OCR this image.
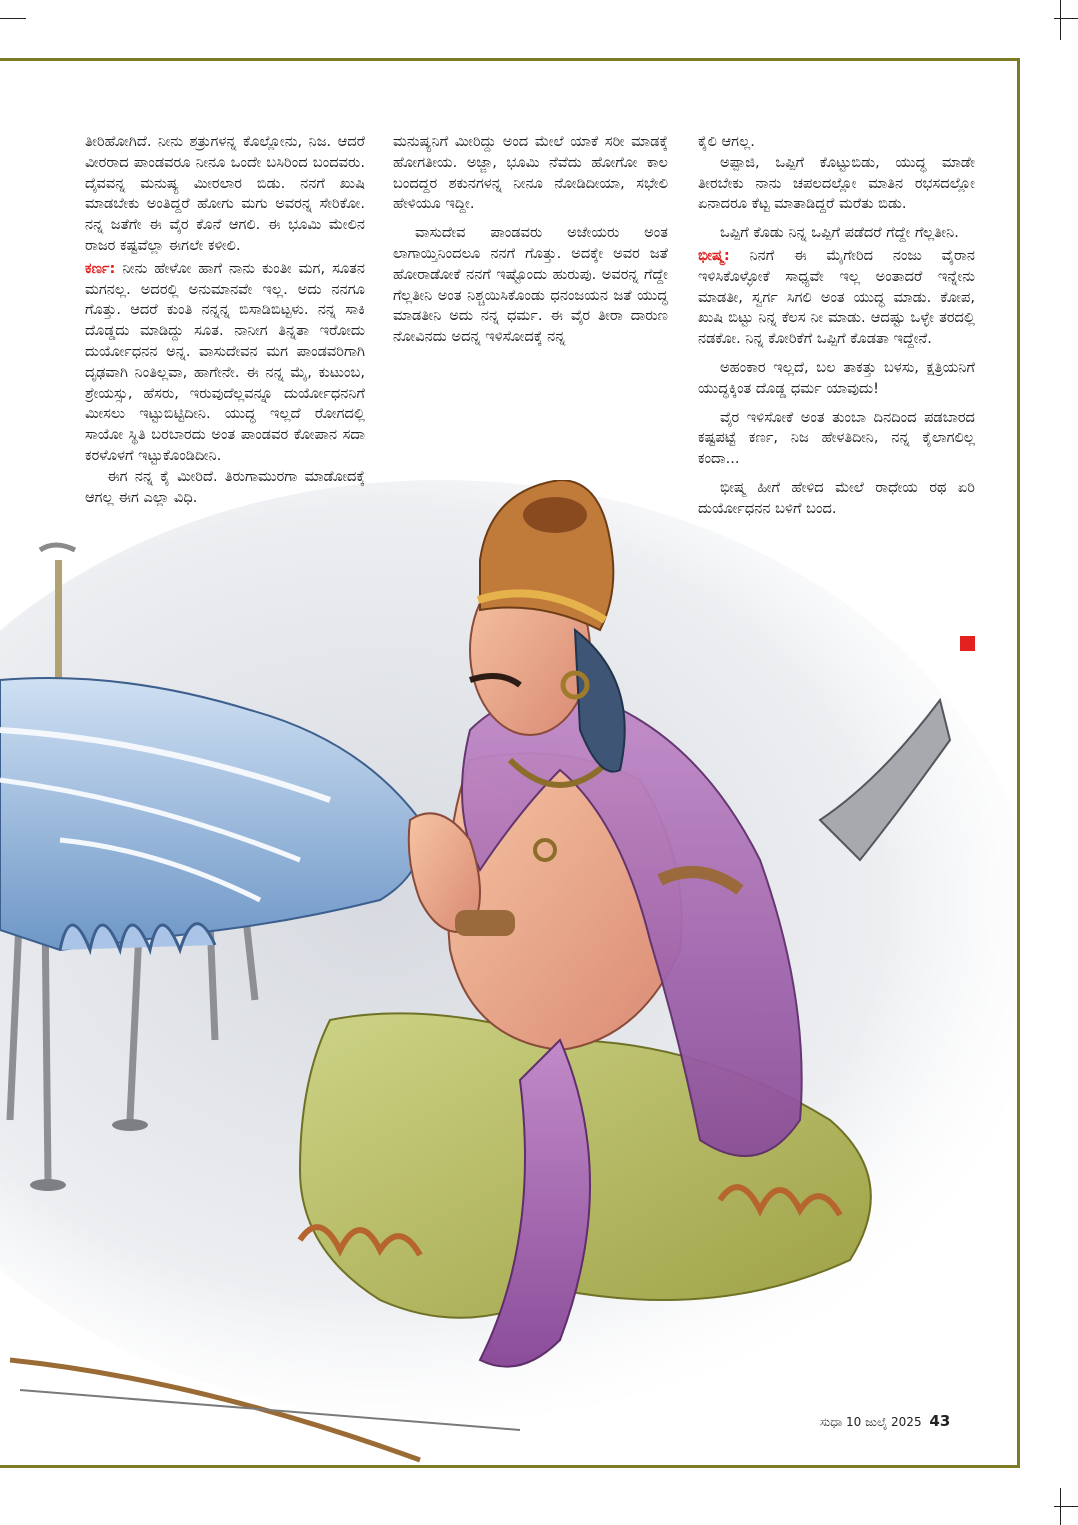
ತೀರಿಹೋಗಿದೆ. ನೀನು ಶತ್ರುಗಳನ್ನ ಕೊಲ್ಲೋನು, ನಿಜ. ಆದರೆ ವೀರರಾದ ಪಾಂಡವರೂ ನೀನೂ ಒಂದೇ ಬಸಿರಿಂದ ಬಂದವರು. ದೈವವನ್ನ ಮನುಷ್ಯ ಮೀರಲಾರ ಬಿಡು. ನನಗೆ ಖುಷಿ ಮಾಡಬೇಕು ಅಂತಿದ್ದರೆ ಹೋಗು ಮಗು ಅವರನ್ನ ಸೇರಿಕೋ. ನನ್ನ ಜತೆಗೇ ಈ ವೈರ ಕೊನೆ ಆಗಲಿ. ಈ ಭೂಮಿ ಮೇಲಿನ ರಾಜರ ಕಷ್ಟವೆಲ್ಲಾ ಈಗಲೇ ಕಳೀಲಿ.

ಕರ್ಣ: ನೀನು ಹೇಳೋ ಹಾಗೆ ನಾನು ಕುಂತೀ ಮಗ, ಸೂತನ ಮಗನಲ್ಲ. ಅದರಲ್ಲಿ ಅನುಮಾನವೇ ಇಲ್ಲ. ಅದು ನನಗೂ ಗೊತ್ತು. ಆದರೆ ಕುಂತಿ ನನ್ನನ್ನ ಬಿಸಾಡಿಬಿಟ್ಟಳು. ನನ್ನ ಸಾಕಿ ದೊಡ್ಡದು ಮಾಡಿದ್ದು ಸೂತ. ನಾನೀಗ ತಿನ್ನತಾ ಇರೋದು ದುರ್ಯೋಧನನ ಅನ್ನ. ವಾಸುದೇವನ ಮಗ ಪಾಂಡವರಿಗಾಗಿ ದೃಢವಾಗಿ ನಿಂತಿಲ್ಲವಾ, ಹಾಗೇನೇ. ಈ ನನ್ನ ಮೈ, ಕುಟುಂಬ, ಶ್ರೇಯಸ್ಸು, ಹೆಸರು, ಇರುವುದೆಲ್ಲವನ್ನೂ ದುರ್ಯೋಧನನಿಗೆ ಮೀಸಲು ಇಟ್ಟುಬಿಟ್ಟಿದೀನಿ. ಯುದ್ಧ ಇಲ್ಲದೆ ರೋಗದಲ್ಲಿ ಸಾಯೋ ಸ್ಥಿತಿ ಬರಬಾರದು ಅಂತ ಪಾಂಡವರ ಕೋಪಾನ ಸದಾ ಕರಳೊಳಗೆ ಇಟ್ಟುಕೊಂಡಿದೀನಿ.

ಈಗ ನನ್ನ ಕೈ ಮೀರಿದೆ. ತಿರುಗಾಮುರಗಾ ಮಾಡೋದಕ್ಕೆ ಆಗಲ್ಲ ಈಗ ಎಲ್ಲಾ ವಿಧಿ.

ಮನುಷ್ಯನಿಗೆ ಮೀರಿದ್ದು ಅಂದ ಮೇಲೆ ಯಾಕೆ ಸರೀ ಮಾಡಕ್ಕೆ ಹೋಗತೀಯ. ಅಜ್ಜಾ, ಭೂಮಿ ನೆವೆದು ಹೋಗೋ ಕಾಲ ಬಂದದ್ದರ ಶಕುನಗಳನ್ನ ನೀನೂ ನೋಡಿದೀಯಾ, ಸಭೇಲಿ ಹೇಳಿಯೂ ಇದ್ದೀ.

ವಾಸುದೇವ ಪಾಂಡವರು ಅಜೇಯರು ಅಂತ ಲಾಗಾಯ್ತಿನಿಂದಲೂ ನನಗೆ ಗೊತ್ತು. ಅದಕ್ಕೇ ಅವರ ಜತೆ ಹೋರಾಡೋಕೆ ನನಗೆ ಇಷ್ಟೊಂದು ಹುರುಪು. ಅವರನ್ನ ಗೆದ್ದೇ ಗೆಲ್ಲತೀನಿ ಅಂತ ನಿಶ್ಚಯಿಸಿಕೊಂಡು ಧನಂಜಯನ ಜತೆ ಯುದ್ಧ ಮಾಡತೀನಿ ಅದು ನನ್ನ ಧರ್ಮ. ಈ ವೈರ ತೀರಾ ದಾರುಣ ನೋವಿನದು ಅದನ್ನ ಇಳಿಸೋದಕ್ಕೆ ನನ್ನ

ಕೈಲಿ ಆಗಲ್ಲ.

ಅಪ್ಪಾಜಿ, ಒಪ್ಪಿಗೆ ಕೊಟ್ಟುಬಿಡು, ಯುದ್ಧ ಮಾಡೇ ತೀರಬೇಕು ನಾನು ಚಪಲದಲ್ಲೋ ಮಾತಿನ ರಭಸದಲ್ಲೋ ಏನಾದರೂ ಕೆಟ್ಟ ಮಾತಾಡಿದ್ದರೆ ಮರೆತು ಬಿಡು.

ಒಪ್ಪಿಗೆ ಕೊಡು ನಿನ್ನ ಒಪ್ಪಿಗೆ ಪಡೆದರೆ ಗೆದ್ದೇ ಗೆಲ್ಲತೀನಿ.

ಭೀಷ್ಮ: ನಿನಗೆ ಈ ಮೈಗೇರಿದ ನಂಜು ವೈರಾನ ಇಳಿಸಿಕೊಳ್ಳೋಕೆ ಸಾಧ್ಯವೇ ಇಲ್ಲ ಅಂತಾದರೆ ಇನ್ನೇನು ಮಾಡತೀ, ಸ್ವರ್ಗ ಸಿಗಲಿ ಅಂತ ಯುದ್ಧ ಮಾಡು. ಕೋಪ, ಖುಷಿ ಬಿಟ್ಟು ನಿನ್ನ ಕೆಲಸ ನೀ ಮಾಡು. ಆದಷ್ಟು ಒಳ್ಳೇ ತರದಲ್ಲಿ ನಡಕೋ. ನಿನ್ನ ಕೋರಿಕೆಗೆ ಒಪ್ಪಿಗೆ ಕೊಡತಾ ಇದ್ದೇನೆ.

ಅಹಂಕಾರ ಇಲ್ಲದೆ, ಬಲ ತಾಕತ್ತು ಬಳಸು, ಕ್ಷತ್ರಿಯನಿಗೆ ಯುದ್ಧಕ್ಕಿಂತ ದೊಡ್ಡ ಧರ್ಮ ಯಾವುದು!

ವೈರ ಇಳಿಸೋಕೆ ಅಂತ ತುಂಬಾ ದಿನದಿಂದ ಪಡಬಾರದ ಕಷ್ಟಪಟ್ಟೆ ಕರ್ಣ, ನಿಜ ಹೇಳತಿದೀನಿ, ನನ್ನ ಕೈಲಾಗಲಿಲ್ಲ ಕಂದಾ...

ಭೀಷ್ಮ ಹೀಗೆ ಹೇಳಿದ ಮೇಲೆ ರಾಧೇಯ ರಥ ಏರಿ ದುರ್ಯೋಧನನ ಬಳಿಗೆ ಬಂದ.

ಸುಧಾ 10 ಜುಲೈ 2025 43
